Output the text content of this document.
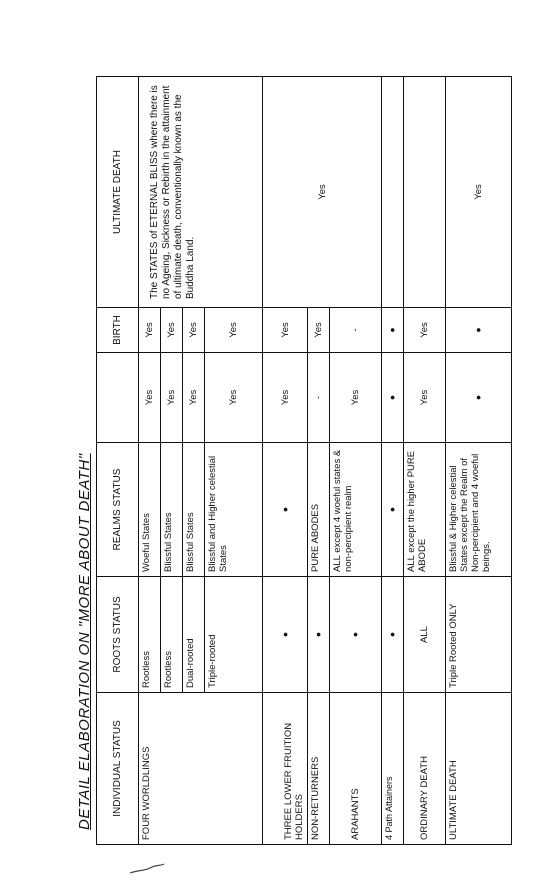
DETAIL ELABORATION ON "MORE ABOUT DEATH" INDIVIDUAL STATUS	ROOTS STATUS	REALMS STATUS		BIRTH	ULTIMATE DEATH
FOUR WORLDLINGS	Rootless	Woeful States	Yes	Yes	The STATES of ETERNAL BLISS where there is no Ageing, Sickness or Rebirth in the attainment of ultimate death, conventionally known as the Buddha Land.
	Rootless	Blissful States	Yes	Yes	
	Dual-rooted	Blissful States	Yes	Yes	
	Triple-rooted	Blissful and Higher celestial States	Yes	Yes	
THREE LOWER FRUITION HOLDERS	•	•	Yes	Yes	Yes
NON-RETURNERS	•	PURE ABODES	-	Yes	
ARAHANTS	•	ALL except 4 woeful states & non-percipient realm	Yes	-	
4 Path Attainers	•	•	•	•	
ORDINARY DEATH	ALL	ALL except the higher PURE ABODE	Yes	Yes	
ULTIMATE DEATH	Triple Rooted ONLY	Blissful & Higher celestial States except the Realm of Non-percipient and 4 woeful beings.	•	•	Yes
